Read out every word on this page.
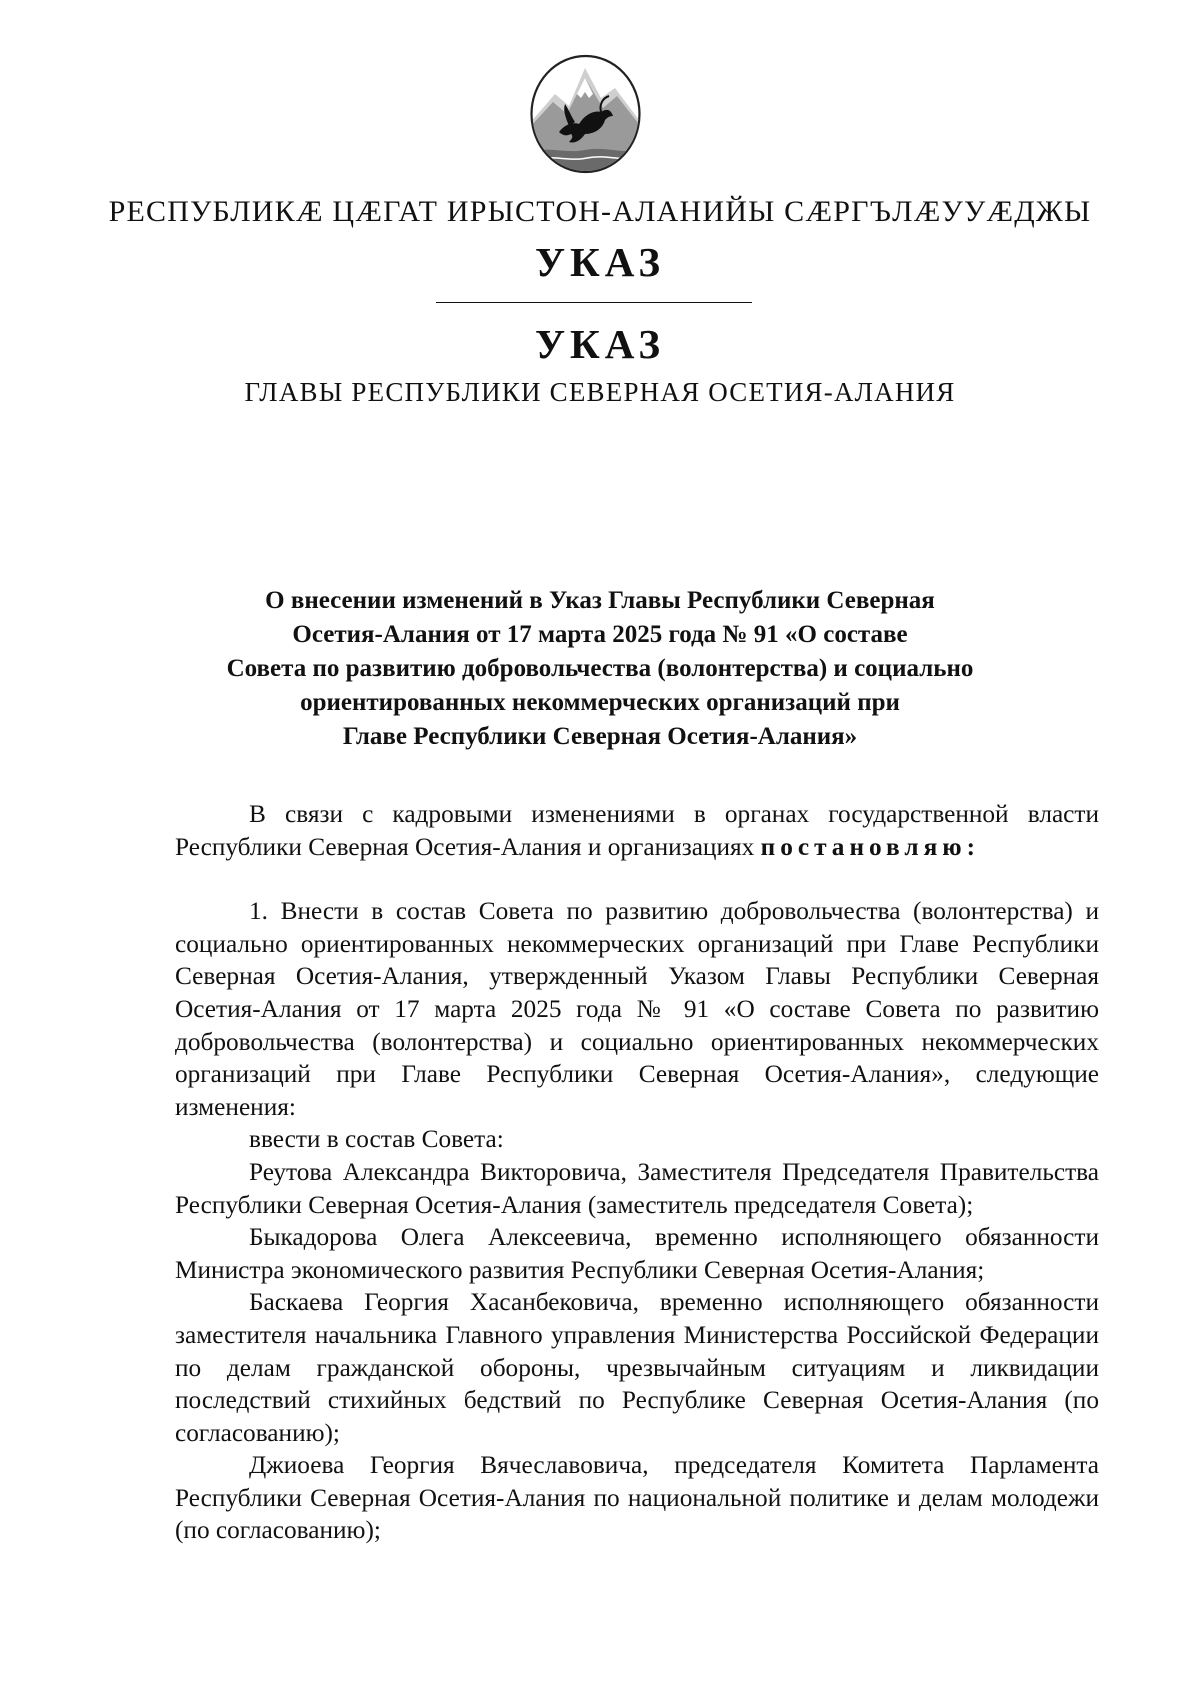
РЕСПУБЛИКÆ ЦÆГАТ ИРЫСТОН-АЛАНИЙЫ СÆРГЪЛÆУУÆДЖЫ
УКАЗ
УКАЗ
ГЛАВЫ РЕСПУБЛИКИ СЕВЕРНАЯ ОСЕТИЯ-АЛАНИЯ
О внесении изменений в Указ Главы Республики Северная
Осетия-Алания от 17 марта 2025 года № 91 «О составе
Совета по развитию добровольчества (волонтерства) и социально
ориентированных некоммерческих организаций при
Главе Республики Северная Осетия-Алания»

В связи с кадровыми изменениями в органах государственной власти Республики Северная Осетия-Алания и организациях постановляю:

1. Внести в состав Совета по развитию добровольчества (волонтерства) и социально ориентированных некоммерческих организаций при Главе Республики Северная Осетия-Алания, утвержденный Указом Главы Республики Северная Осетия-Алания от 17 марта 2025 года № 91 «О составе Совета по развитию добровольчества (волонтерства) и социально ориентированных некоммерческих организаций при Главе Республики Северная Осетия-Алания», следующие изменения:

ввести в состав Совета:

Реутова Александра Викторовича, Заместителя Председателя Правительства Республики Северная Осетия-Алания (заместитель председателя Совета);

Быкадорова Олега Алексеевича, временно исполняющего обязанности Министра экономического развития Республики Северная Осетия-Алания;

Баскаева Георгия Хасанбековича, временно исполняющего обязанности заместителя начальника Главного управления Министерства Российской Федерации по делам гражданской обороны, чрезвычайным ситуациям и ликвидации последствий стихийных бедствий по Республике Северная Осетия-Алания (по согласованию);

Джиоева Георгия Вячеславовича, председателя Комитета Парламента Республики Северная Осетия-Алания по национальной политике и делам молодежи (по согласованию);
